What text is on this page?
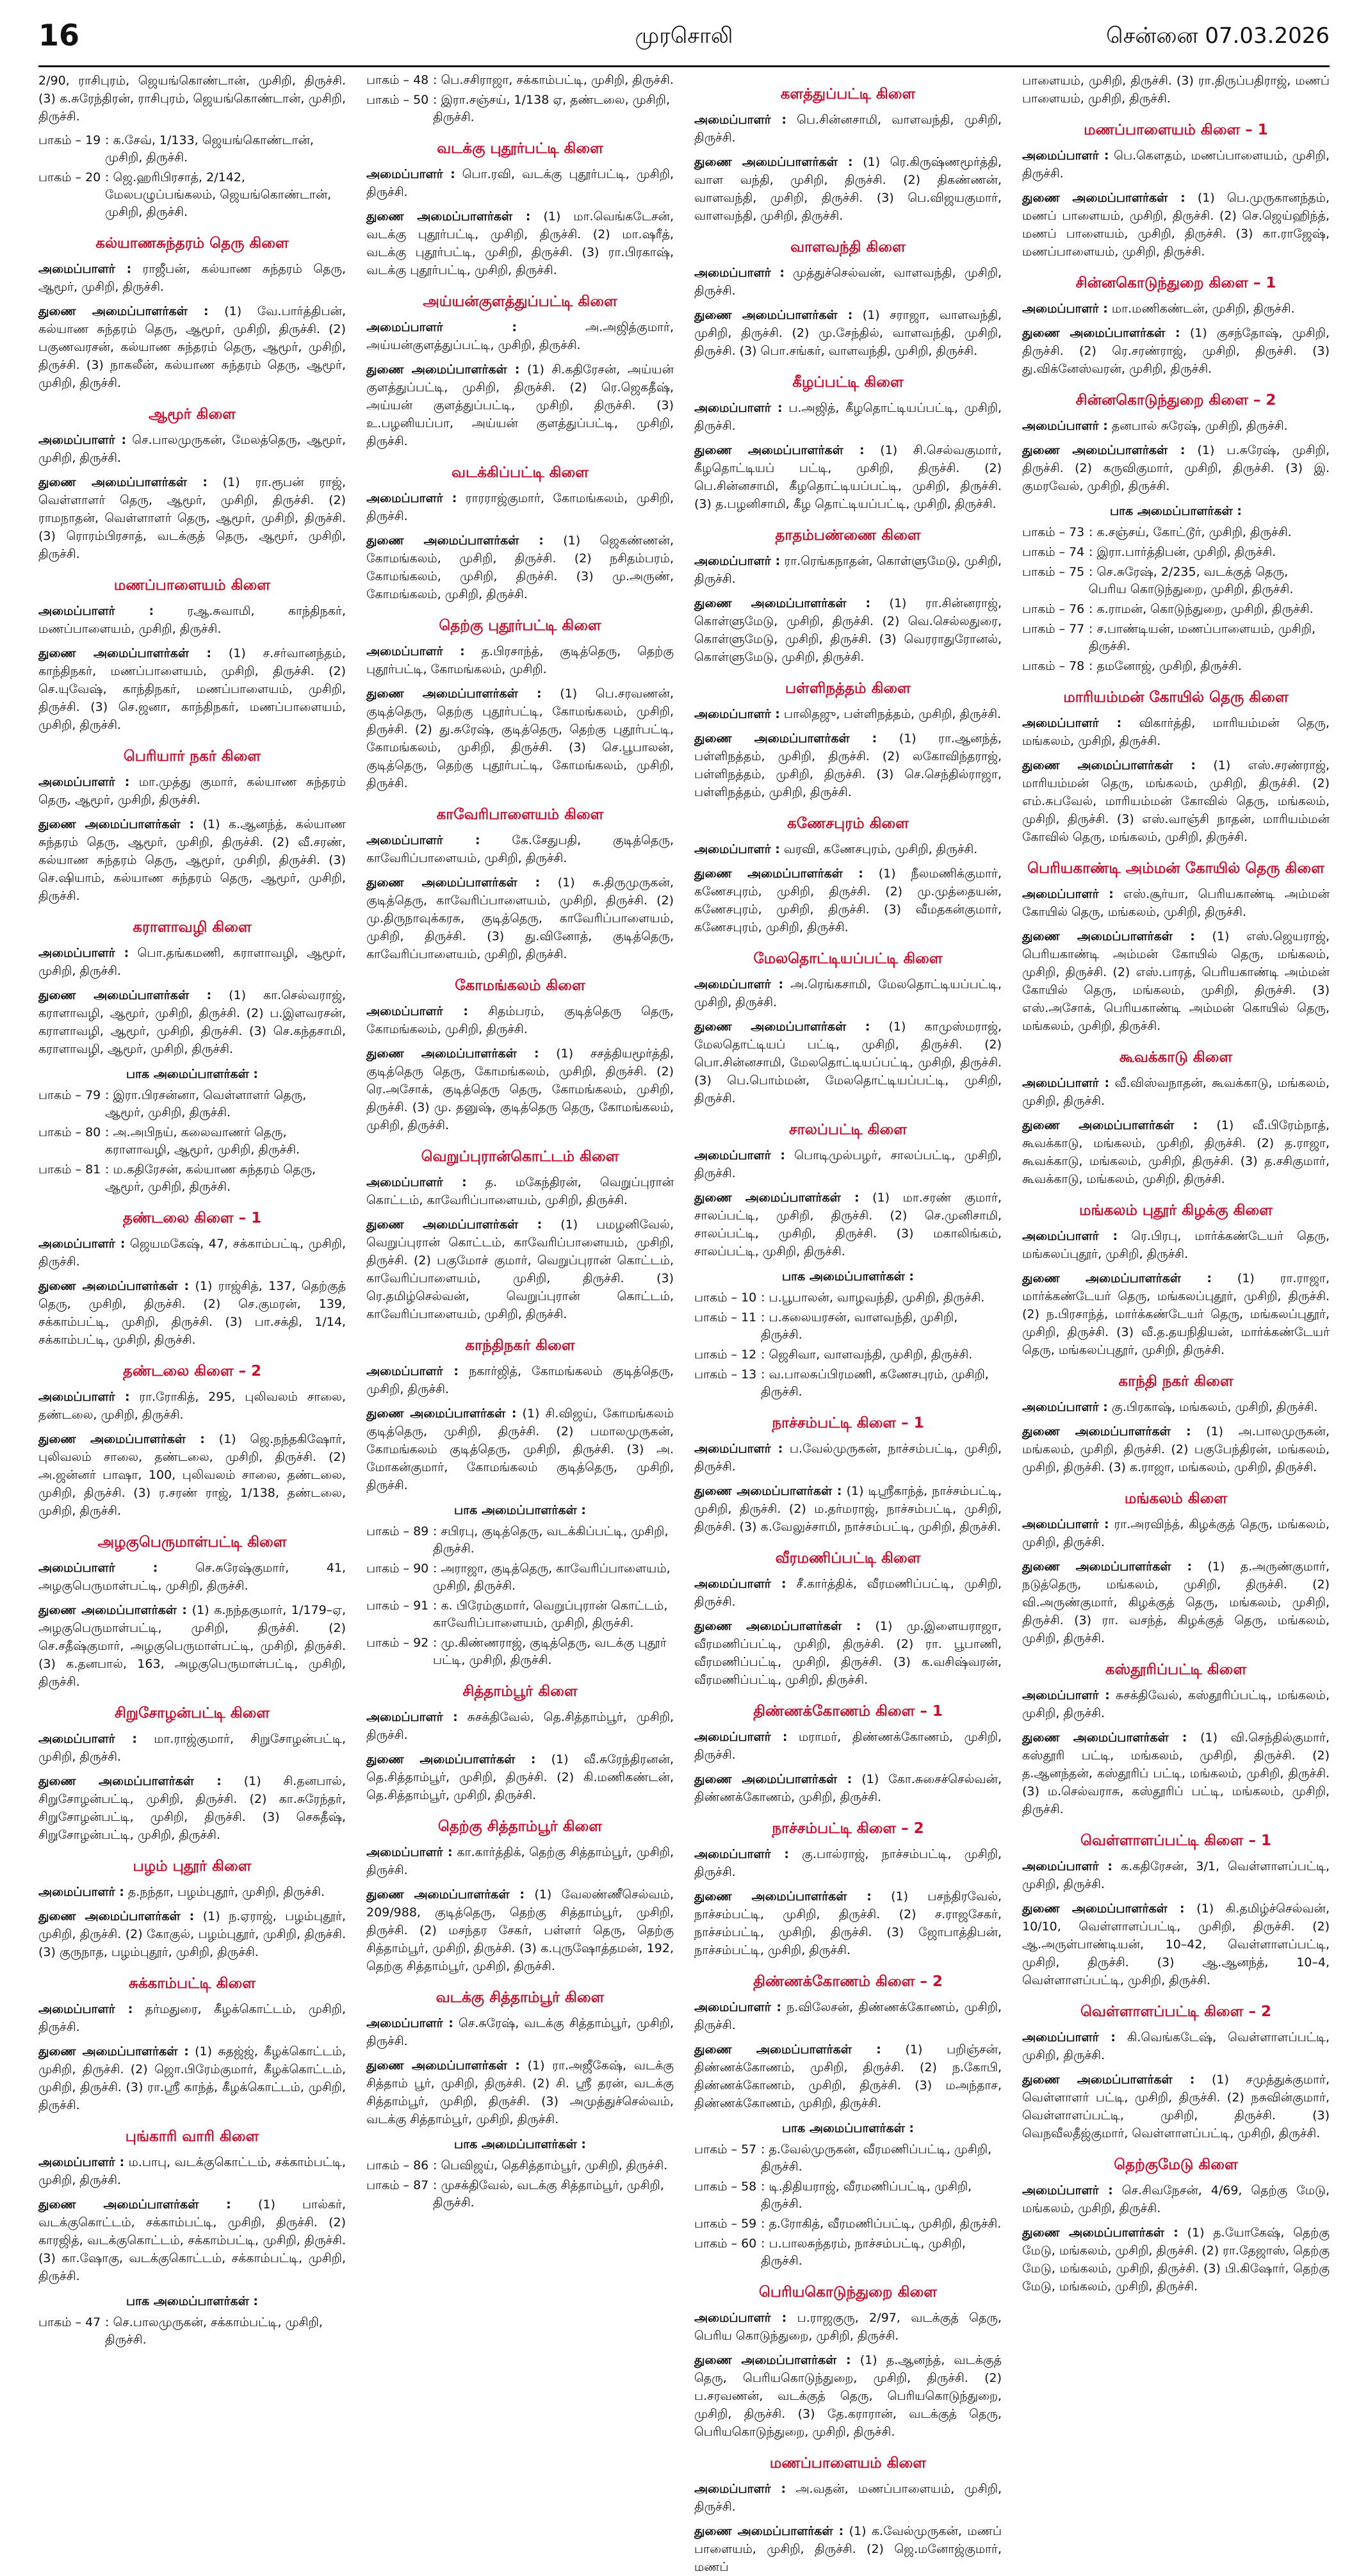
16	முரசொலி	சென்னை 07.03.2026

2/90, ராசிபுரம், ஜெயங்கொண்டான், முசிறி, திருச்சி. (3) க.சுரேந்திரன், ராசிபுரம், ஜெயங்கொண்டான், முசிறி, திருச்சி.

பாகம் – 19 : க.சேவ், 1/133, ஜெயங்கொண்டான், முசிறி, திருச்சி.
பாகம் – 20 : ஜெ.ஹரிபிரசாத், 2/142, மேலபழுப்பங்கலம், ஜெயங்கொண்டான், முசிறி, திருச்சி.
கல்யாணசுந்தரம் தெரு கிளை

அமைப்பாளர் : ராஜீபன், கல்யாண சுந்தரம் தெரு, ஆமூர், முசிறி, திருச்சி.

துணை அமைப்பாளர்கள் : (1) வே.பார்த்திபன், கல்யாண சுந்தரம் தெரு, ஆமூர், முசிறி, திருச்சி. (2) பகுணவரசன், கல்யாண சுந்தரம் தெரு, ஆமூர், முசிறி, திருச்சி. (3) நாகலீன், கல்யாண சுந்தரம் தெரு, ஆமூர், முசிறி, திருச்சி.

ஆமூர் கிளை

அமைப்பாளர் : செ.பாலமுருகன், மேலத்தெரு, ஆமூர், முசிறி, திருச்சி.

துணை அமைப்பாளர்கள் : (1) ரா.ரூபன் ராஜ், வெள்ளாளர் தெரு, ஆமூர், முசிறி, திருச்சி. (2) ராமநாதன், வெள்ளாளர் தெரு, ஆமூர், முசிறி, திருச்சி. (3) ரொரம்பிரசாத், வடக்குத் தெரு, ஆமூர், முசிறி, திருச்சி.

மணப்பாளையம் கிளை

அமைப்பாளர் :	ரஆ.சுவாமி, காந்திநகர், மணப்பாளையம், முசிறி, திருச்சி.

துணை அமைப்பாளர்கள் : (1) ச.சர்வானந்தம், காந்திநகர், மணப்பாளையம், முசிறி, திருச்சி. (2) செ.யுவேஷ், காந்திநகர், மணப்பாளையம், முசிறி, திருச்சி. (3) செ.ஜனா, காந்திநகர், மணப்பாளையம், முசிறி, திருச்சி.

பெரியார் நகர் கிளை

அமைப்பாளர் : மா.முத்து குமார், கல்யாண சுந்தரம் தெரு, ஆமூர், முசிறி, திருச்சி.

துணை அமைப்பாளர்கள் : (1) க.ஆனந்த், கல்யாண சுந்தரம் தெரு, ஆமூர், முசிறி, திருச்சி. (2) வீ.சரண், கல்யாண சுந்தரம் தெரு, ஆமூர், முசிறி, திருச்சி. (3) செ.ஷியாம், கல்யாண சுந்தரம் தெரு, ஆமூர், முசிறி, திருச்சி.

கராளாவழி கிளை

அமைப்பாளர் : பொ.தங்கமணி, கராளாவழி, ஆமூர், முசிறி, திருச்சி.

துணை அமைப்பாளர்கள் : (1) கா.செல்வராஜ், கராளாவழி, ஆமூர், முசிறி, திருச்சி. (2) ப.இளவரசன், கராளாவழி, ஆமூர், முசிறி, திருச்சி. (3) செ.கந்தசாமி, கராளாவழி, ஆமூர், முசிறி, திருச்சி.

பாக அமைப்பாளர்கள் :
பாகம் – 79 : இரா.பிரசன்னா, வெள்ளாளர் தெரு, ஆமூர், முசிறி, திருச்சி.
பாகம் – 80 : அ.அபிநய், கலைவாணர் தெரு, கராளாவழி, ஆமூர், முசிறி, திருச்சி.
பாகம் – 81 : ம.கதிரேசன், கல்யாண சுந்தரம் தெரு, ஆமூர், முசிறி, திருச்சி.
தண்டலை கிளை – 1

அமைப்பாளர் : ஜெயமகேஷ், 47, சக்காம்பட்டி, முசிறி, திருச்சி.

துணை அமைப்பாளர்கள் : (1) ராஜ்சித், 137, தெற்குத் தெரு, முசிறி, திருச்சி. (2) செ.குமரன், 139, சக்காம்பட்டி, முசிறி, திருச்சி. (3) பா.சக்தி, 1/14, சக்காம்பட்டி, முசிறி, திருச்சி.

தண்டலை கிளை – 2

அமைப்பாளர் : ரா.ரோகித், 295, புலிவலம் சாலை, தண்டலை, முசிறி, திருச்சி.

துணை அமைப்பாளர்கள் : (1) ஜெ.நந்தகிஷோர், புலிவலம் சாலை, தண்டலை, முசிறி, திருச்சி. (2) அ.ஜன்னர் பாஷா, 100, புலிவலம் சாலை, தண்டலை, முசிறி, திருச்சி. (3) ர.சரண் ராஜ், 1/138, தண்டலை, முசிறி, திருச்சி.

அழகுபெருமாள்பட்டி கிளை

அமைப்பாளர் :	செ.சுரேஷ்குமார், 41, அழகுபெருமாள்பட்டி, முசிறி, திருச்சி.

துணை அமைப்பாளர்கள் : (1) க.நந்தகுமார், 1/179–ஏ, அழகுபெருமாள்பட்டி, முசிறி, திருச்சி. (2) செ.சதீஷ்குமார், அழகுபெருமாள்பட்டி, முசிறி, திருச்சி. (3) க.தனபால், 163, அழகுபெருமாள்பட்டி, முசிறி, திருச்சி.

சிறுசோழன்பட்டி கிளை

அமைப்பாளர் : மா.ராஜ்குமார், சிறுசோழன்பட்டி, முசிறி, திருச்சி.

துணை அமைப்பாளர்கள் : (1) சி.தனபால், சிறுசோழன்பட்டி, முசிறி, திருச்சி. (2) கா.சுரேந்தர், சிறுசோழன்பட்டி, முசிறி, திருச்சி. (3) செசுதீஷ், சிறுசோழன்பட்டி, முசிறி, திருச்சி.

பழம் புதூர் கிளை

அமைப்பாளர் : த.நந்தா, பழம்புதூர், முசிறி, திருச்சி.

துணை அமைப்பாளர்கள் : (1) ந.ஏராஜ், பழம்புதூர், முசிறி, திருச்சி. (2) கோகுல், பழம்புதூர், முசிறி, திருச்சி. (3) குருநாத, பழம்புதூர், முசிறி, திருச்சி.

சுக்காம்பட்டி கிளை

அமைப்பாளர் : தர்மதுரை, கீழக்கொட்டம், முசிறி, திருச்சி.

துணை அமைப்பாளர்கள் : (1) சுதஜ்ஜ், கீழக்கொட்டம், முசிறி, திருச்சி. (2) ஜொ.பிரேம்குமார், கீழக்கொட்டம், முசிறி, திருச்சி. (3) ரா.ஸ்ரீ காந்த், கீழக்கொட்டம், முசிறி, திருச்சி.

புங்காரி வாரி கிளை

அமைப்பாளர் : ம.பாபு, வடக்குகொட்டம், சக்காம்பட்டி, முசிறி, திருச்சி.

துணை அமைப்பாளர்கள் : (1) பால்கர், வடக்குகொட்டம், சக்காம்பட்டி, முசிறி, திருச்சி. (2) காரஜித், வடக்குகொட்டம், சக்காம்பட்டி, முசிறி, திருச்சி. (3) கா.ஷோகு, வடக்குகொட்டம், சக்காம்பட்டி, முசிறி, திருச்சி.

பாக அமைப்பாளர்கள் :
பாகம் – 47 : செ.பாலமுருகன், சக்காம்பட்டி, முசிறி, திருச்சி.
பாகம் – 48 : பெ.சசிராஜா, சக்காம்பட்டி, முசிறி, திருச்சி.
பாகம் – 50 : இரா.சஞ்சய், 1/138 ஏ, தண்டலை, முசிறி, திருச்சி.
வடக்கு புதூர்பட்டி கிளை

அமைப்பாளர் : பொ.ரவி, வடக்கு புதூர்பட்டி, முசிறி, திருச்சி.

துணை அமைப்பாளர்கள் : (1) மா.வெங்கடேசன், வடக்கு புதூர்பட்டி, முசிறி, திருச்சி. (2) மா.ஷரீத், வடக்கு புதூர்பட்டி, முசிறி, திருச்சி. (3) ரா.பிரகாஷ், வடக்கு புதூர்பட்டி, முசிறி, திருச்சி.

அய்யன்குளத்துப்பட்டி கிளை

அமைப்பாளர் :	அ.அஜித்குமார், அய்யன்குளத்துப்பட்டி, முசிறி, திருச்சி.

துணை அமைப்பாளர்கள் : (1) சி.கதிரேசன், அய்யன் குளத்துப்பட்டி, முசிறி, திருச்சி. (2) ரெ.ஜெகதீஷ், அய்யன் குளத்துப்பட்டி, முசிறி, திருச்சி. (3) உ.பழனியப்பா, அய்யன் குளத்துப்பட்டி, முசிறி, திருச்சி.

வடக்கிப்பட்டி கிளை

அமைப்பாளர் : ராரராஜ்குமார், கோமங்கலம், முசிறி, திருச்சி.

துணை அமைப்பாளர்கள் : (1) ஜெகண்ணன், கோமங்கலம், முசிறி, திருச்சி. (2) நசிதம்பரம், கோமங்கலம், முசிறி, திருச்சி. (3) மு.அருண், கோமங்கலம், முசிறி, திருச்சி.

தெற்கு புதூர்பட்டி கிளை

அமைப்பாளர் : த.பிரசாந்த், குடித்தெரு, தெற்கு புதூர்பட்டி, கோமங்கலம், முசிறி.

துணை அமைப்பாளர்கள் : (1) பெ.சரவணன், குடித்தெரு, தெற்கு புதூர்பட்டி, கோமங்கலம், முசிறி, திருச்சி. (2) து.சுரேஷ், குடித்தெரு, தெற்கு புதூர்பட்டி, கோமங்கலம், முசிறி, திருச்சி. (3) செ.பூபாலன், குடித்தெரு, தெற்கு புதூர்பட்டி, கோமங்கலம், முசிறி, திருச்சி.

காவேரிபாளையம் கிளை

அமைப்பாளர் :	கே.சேதுபதி, குடித்தெரு, காவேரிப்பாளையம், முசிறி, திருச்சி.

துணை அமைப்பாளர்கள் : (1) சு.திருமுருகன், குடித்தெரு, காவேரிப்பாளையம், முசிறி, திருச்சி. (2) மு.திருநாவுக்கரசு, குடித்தெரு, காவேரிப்பாளையம், முசிறி, திருச்சி. (3) து.வினோத், குடித்தெரு, காவேரிப்பாளையம், முசிறி, திருச்சி.

கோமங்கலம் கிளை

அமைப்பாளர் : சிதம்பரம், குடித்தெரு தெரு, கோமங்கலம், முசிறி, திருச்சி.

துணை அமைப்பாளர்கள் : (1) சசத்தியமூர்த்தி, குடித்தெரு தெரு, கோமங்கலம், முசிறி, திருச்சி. (2) ரெ.அசோக், குடித்தெரு தெரு, கோமங்கலம், முசிறி, திருச்சி. (3) மு. தனுஷ், குடித்தெரு தெரு, கோமங்கலம், முசிறி, திருச்சி.

வெறுப்புரான்கொட்டம் கிளை

அமைப்பாளர் : த. மகேந்திரன், வெறுப்புரான் கொட்டம், காவேரிப்பாளையம், முசிறி, திருச்சி.

துணை அமைப்பாளர்கள் : (1) பமழனிவேல், வெறுப்புரான் கொட்டம், காவேரிப்பாளையம், முசிறி, திருச்சி. (2) பகுமோச் குமார், வெறுப்புரான் கொட்டம், காவேரிப்பாளையம், முசிறி, திருச்சி. (3) ரெ.தமிழ்செல்வன், வெறுப்புரான் கொட்டம், காவேரிப்பாளையம், முசிறி, திருச்சி.

காந்திநகர் கிளை

அமைப்பாளர் : நகார்ஜித், கோமங்கலம் குடித்தெரு, முசிறி, திருச்சி.

துணை அமைப்பாளர்கள் : (1) சி.விஜய், கோமங்கலம் குடித்தெரு, முசிறி, திருச்சி. (2) பமாலமுருகன், கோமங்கலம் குடித்தெரு, முசிறி, திருச்சி. (3) அ. மோகன்குமார், கோமங்கலம் குடித்தெரு, முசிறி, திருச்சி.

பாக அமைப்பாளர்கள் :
பாகம் – 89 : சபிரபு, குடித்தெரு, வடக்கிப்பட்டி, முசிறி, திருச்சி.
பாகம் – 90 : அராஜா, குடித்தெரு, காவேரிப்பாளையம், முசிறி, திருச்சி.
பாகம் – 91 : க. பிரேம்குமார், வெறுப்புரான் கொட்டம், காவேரிப்பாளையம், முசிறி, திருச்சி.
பாகம் – 92 : மு.கிண்ணராஜ், குடித்தெரு, வடக்கு புதூர் பட்டி, முசிறி, திருச்சி.
சித்தாம்பூர் கிளை

அமைப்பாளர் : சுசக்திவேல், தெ.சித்தாம்பூர், முசிறி, திருச்சி.

துணை அமைப்பாளர்கள் : (1) வீ.சுரேந்திரனன், தெ.சித்தாம்பூர், முசிறி, திருச்சி. (2) கி.மணிகண்டன், தெ.சித்தாம்பூர், முசிறி, திருச்சி.

தெற்கு சித்தாம்பூர் கிளை

அமைப்பாளர் : கா.கார்த்திக், தெற்கு சித்தாம்பூர், முசிறி, திருச்சி.

துணை அமைப்பாளர்கள் : (1) வேலண்ணீசெல்வம், 209/988, குடித்தெரு, தெற்கு சித்தாம்பூர், முசிறி, திருச்சி. (2) மசந்தர சேகர், பள்ளர் தெரு, தெற்கு சித்தாம்பூர், முசிறி, திருச்சி. (3) க.புருஷோத்தமன், 192, தெற்கு சித்தாம்பூர், முசிறி, திருச்சி.

வடக்கு சித்தாம்பூர் கிளை

அமைப்பாளர் : செ.சுரேஷ், வடக்கு சித்தாம்பூர், முசிறி, திருச்சி.

துணை அமைப்பாளர்கள் : (1) ரா.அஜீகேஷ், வடக்கு சித்தாம் பூர், முசிறி, திருச்சி. (2) சி. ஸ்ரீ தரன், வடக்கு சித்தாம்பூர், முசிறி, திருச்சி. (3) அமுத்துச்செல்வம், வடக்கு சித்தாம்பூர், முசிறி, திருச்சி.

பாக அமைப்பாளர்கள் :
பாகம் – 86 : பெவிஜய், தெசித்தாம்பூர், முசிறி, திருச்சி.
பாகம் – 87 : முசக்திவேல், வடக்கு சித்தாம்பூர், முசிறி, திருச்சி.
களத்துப்பட்டி கிளை

அமைப்பாளர் : பெ.சின்னசாமி, வாளவந்தி, முசிறி, திருச்சி.

துணை அமைப்பாளர்கள் : (1) ரெ.கிருஷ்ணமூர்த்தி, வாள வந்தி, முசிறி, திருச்சி. (2) திகண்ணன், வாளவந்தி, முசிறி, திருச்சி. (3) பெ.விஜயகுமார், வாளவந்தி, முசிறி, திருச்சி.

வாளவந்தி கிளை

அமைப்பாளர் : முத்துச்செல்வன், வாளவந்தி, முசிறி, திருச்சி.

துணை அமைப்பாளர்கள் : (1) சராஜா, வாளவந்தி, முசிறி, திருச்சி. (2) மு.சேந்தில், வாளவந்தி, முசிறி, திருச்சி. (3) பொ.சங்கர், வாளவந்தி, முசிறி, திருச்சி.

கீழப்பட்டி கிளை

அமைப்பாளர் : ப.அஜித், கீழதொட்டியப்பட்டி, முசிறி, திருச்சி.

துணை அமைப்பாளர்கள் : (1) சி.செல்வகுமார், கீழதொட்டியப் பட்டி, முசிறி, திருச்சி. (2) பெ.சின்னசாமி, கீழதொட்டியப்பட்டி, முசிறி, திருச்சி. (3) த.பழனிசாமி, கீழ தொட்டியப்பட்டி, முசிறி, திருச்சி.

தாதம்பண்ணை கிளை

அமைப்பாளர் : ரா.ரெங்கநாதன், கொள்ளுமேடு, முசிறி, திருச்சி.

துணை அமைப்பாளர்கள் : (1) ரா.சின்னராஜ், கொள்ளுமேடு, முசிறி, திருச்சி. (2) வெ.செல்லதுரை, கொள்ளுமேடு, முசிறி, திருச்சி. (3) வெரராதுரோனல், கொள்ளுமேடு, முசிறி, திருச்சி.

பள்ளிநத்தம் கிளை

அமைப்பாளர் : பாலிதஜு, பள்ளிநத்தம், முசிறி, திருச்சி.

துணை அமைப்பாளர்கள் : (1) ரா.ஆனந்த், பள்ளிநத்தம், முசிறி, திருச்சி. (2) லகோவிந்தராஜ், பள்ளிநத்தம், முசிறி, திருச்சி. (3) செ.செந்தில்ராஜா, பள்ளிநத்தம், முசிறி, திருச்சி.

கணேசபுரம் கிளை

அமைப்பாளர் : வரவி, கணேசபுரம், முசிறி, திருச்சி.

துணை அமைப்பாளர்கள் : (1) நீலமணிக்குமார், கணேசபுரம், முசிறி, திருச்சி. (2) மு.முத்தையன், கணேசபுரம், முசிறி, திருச்சி. (3) வீமதகன்குமார், கணேசபுரம், முசிறி, திருச்சி.

மேலதொட்டியப்பட்டி கிளை

அமைப்பாளர் : அ.ரெங்கசாமி, மேலதொட்டியப்பட்டி, முசிறி, திருச்சி.

துணை அமைப்பாளர்கள் : (1) காமுஸ்மராஜ், மேலதொட்டியப் பட்டி, முசிறி, திருச்சி. (2) பொ.சின்னசாமி, மேலதொட்டியப்பட்டி, முசிறி, திருச்சி. (3) பெ.பொம்மன், மேலதொட்டியப்பட்டி, முசிறி, திருச்சி.

சாலப்பட்டி கிளை

அமைப்பாளர் : பொடிமுல்பழர், சாலப்பட்டி, முசிறி, திருச்சி.

துணை அமைப்பாளர்கள் : (1) மா.சரண் குமார், சாலப்பட்டி, முசிறி, திருச்சி. (2) செ.முனிசாமி, சாலப்பட்டி, முசிறி, திருச்சி. (3) மகாலிங்கம், சாலப்பட்டி, முசிறி, திருச்சி.

பாக அமைப்பாளர்கள் :
பாகம் – 10 : ப.பூபாலன், வாழவந்தி, முசிறி, திருச்சி.
பாகம் – 11 : ப.கலையரசன், வாளவந்தி, முசிறி, திருச்சி.
பாகம் – 12 : ஜெசிவா, வாளவந்தி, முசிறி, திருச்சி.
பாகம் – 13 : வ.பாலசுப்பிரமணி, கணேசபுரம், முசிறி, திருச்சி.
நாச்சம்பட்டி கிளை – 1

அமைப்பாளர் : ப.வேல்முருகன், நாச்சம்பட்டி, முசிறி, திருச்சி.

துணை அமைப்பாளர்கள் : (1) டிஸ்ரீகாந்த், நாச்சம்பட்டி, முசிறி, திருச்சி. (2) ம.தர்மராஜ், நாச்சம்பட்டி, முசிறி, திருச்சி. (3) க.வேலுச்சாமி, நாச்சம்பட்டி, முசிறி, திருச்சி.

வீரமணிப்பட்டி கிளை

அமைப்பாளர் : சீ.கார்த்திக், வீரமணிப்பட்டி, முசிறி, திருச்சி.

துணை அமைப்பாளர்கள் : (1) மு.இளையராஜா, வீரமணிப்பட்டி, முசிறி, திருச்சி. (2) ரா. பூபாணி, வீரமணிப்பட்டி, முசிறி, திருச்சி. (3) க.வசிஷ்வரன், வீரமணிப்பட்டி, முசிறி, திருச்சி.

திண்ணக்கோணம் கிளை – 1

அமைப்பாளர் : மராமர், திண்ணக்கோணம், முசிறி, திருச்சி.

துணை அமைப்பாளர்கள் : (1) கோ.சுசைச்செல்வன், திண்ணக்கோணம், முசிறி, திருச்சி.

நாச்சம்பட்டி கிளை – 2

அமைப்பாளர் : கு.பால்ராஜ், நாச்சம்பட்டி, முசிறி, திருச்சி.

துணை அமைப்பாளர்கள் : (1) பசந்திரவேல், நாச்சம்பட்டி, முசிறி, திருச்சி. (2) ச.ராஜசேகர், நாச்சம்பட்டி, முசிறி, திருச்சி. (3) ஜோபாத்திபன், நாச்சம்பட்டி, முசிறி, திருச்சி.

திண்ணக்கோணம் கிளை – 2

அமைப்பாளர் : ந.விலேசன், திண்ணக்கோணம், முசிறி, திருச்சி.

துணை அமைப்பாளர்கள் : (1) பறிஞ்சன், திண்ணக்கோணம், முசிறி, திருச்சி. (2) ந.கோபி, திண்ணக்கோணம், முசிறி, திருச்சி. (3) மஅந்தாச, திண்ணக்கோணம், முசிறி, திருச்சி.

பாக அமைப்பாளர்கள் :
பாகம் – 57 : த.வேல்முருகன், வீரமணிப்பட்டி, முசிறி, திருச்சி.
பாகம் – 58 : டி.திதியராஜ், வீரமணிப்பட்டி, முசிறி, திருச்சி.
பாகம் – 59 : த.ரோகித், வீரமணிப்பட்டி, முசிறி, திருச்சி.
பாகம் – 60 : ப.பாலசுந்தரம், நாச்சம்பட்டி, முசிறி, திருச்சி.
பெரியகொடுந்துறை கிளை

அமைப்பாளர் : ப.ராஜகுரு, 2/97, வடக்குத் தெரு, பெரிய கொடுந்துறை, முசிறி, திருச்சி.

துணை அமைப்பாளர்கள் : (1) த.ஆனந்த், வடக்குத் தெரு, பெரியகொடுந்துறை, முசிறி, திருச்சி. (2) ப.சரவணன், வடக்குத் தெரு, பெரியகொடுந்துறை, முசிறி, திருச்சி. (3) தே.கராரான், வடக்குத் தெரு, பெரியகொடுந்துறை, முசிறி, திருச்சி.

மணப்பாளையம் கிளை

அமைப்பாளர் : அ.வதன், மணப்பாளையம், முசிறி, திருச்சி.

துணை அமைப்பாளர்கள் : (1) க.வேல்முருகன், மணப் பாளையம், முசிறி, திருச்சி. (2) ஜெ.மனோஜ்குமார், மணப்

பாளையம், முசிறி, திருச்சி. (3) ரா.திருப்பதிராஜ், மணப் பாளையம், முசிறி, திருச்சி.

மணப்பாளையம் கிளை – 1

அமைப்பாளர் : பெ.கெளதம், மணப்பாளையம், முசிறி, திருச்சி.

துணை அமைப்பாளர்கள் : (1) பெ.முருகானந்தம், மணப் பாளையம், முசிறி, திருச்சி. (2) செ.ஜெய்ஹிந்த், மணப் பாளையம், முசிறி, திருச்சி. (3) கா.ராஜேஷ், மணப்பாளையம், முசிறி, திருச்சி.

சின்னகொடுந்துறை கிளை – 1

அமைப்பாளர் : மா.மணிகண்டன், முசிறி, திருச்சி.

துணை அமைப்பாளர்கள் : (1) குசந்தோஷ், முசிறி, திருச்சி. (2) ரெ.சரண்ராஜ், முசிறி, திருச்சி. (3) து.விக்னேஸ்வரன், முசிறி, திருச்சி.

சின்னகொடுந்துறை கிளை – 2

அமைப்பாளர் : தனபால் சுரேஷ், முசிறி, திருச்சி.

துணை அமைப்பாளர்கள் : (1) ப.சுரேஷ், முசிறி, திருச்சி. (2) கருவிகுமார், முசிறி, திருச்சி. (3) இ. குமரவேல், முசிறி, திருச்சி.

பாக அமைப்பாளர்கள் :
பாகம் – 73 : க.சஞ்சய், கோட்டூர், முசிறி, திருச்சி.
பாகம் – 74 : இரா.பார்த்திபன், முசிறி, திருச்சி.
பாகம் – 75 : செ.சுரேஷ், 2/235, வடக்குத் தெரு, பெரிய கொடுந்துறை, முசிறி, திருச்சி.
பாகம் – 76 : க.ராமன், கொடுந்துறை, முசிறி, திருச்சி.
பாகம் – 77 : ச.பாண்டியன், மணப்பாளையம், முசிறி, திருச்சி.
பாகம் – 78 : தமனோஜ், முசிறி, திருச்சி.
மாரியம்மன் கோயில் தெரு கிளை

அமைப்பாளர் : விகார்த்தி, மாரியம்மன் தெரு, மங்கலம், முசிறி, திருச்சி.

துணை அமைப்பாளர்கள் : (1) எஸ்.சரண்ராஜ், மாரியம்மன் தெரு, மங்கலம், முசிறி, திருச்சி. (2) எம்.சுபவேல், மாரியம்மன் கோவில் தெரு, மங்கலம், முசிறி, திருச்சி. (3) எஸ்.வாஞ்சி நாதன், மாரியம்மன் கோவில் தெரு, மங்கலம், முசிறி, திருச்சி.

பெரியகாண்டி அம்மன் கோயில் தெரு கிளை

அமைப்பாளர் : எஸ்.சூர்யா, பெரியகாண்டி அம்மன் கோயில் தெரு, மங்கலம், முசிறி, திருச்சி.

துணை அமைப்பாளர்கள் : (1) எஸ்.ஜெயராஜ், பெரியகாண்டி அம்மன் கோயில் தெரு, மங்கலம், முசிறி, திருச்சி. (2) எஸ்.பாரத், பெரியகாண்டி அம்மன் கோயில் தெரு, மங்கலம், முசிறி, திருச்சி. (3) எஸ்.அசோக், பெரியகாண்டி அம்மன் கொயில் தெரு, மங்கலம், முசிறி, திருச்சி.

கூவக்காடு கிளை

அமைப்பாளர் : வீ.விஸ்வநாதன், கூவக்காடு, மங்கலம், முசிறி, திருச்சி.

துணை அமைப்பாளர்கள் : (1) வீ.பிரேம்நாத், கூவக்காடு, மங்கலம், முசிறி, திருச்சி. (2) த.ராஜா, கூவக்காடு, மங்கலம், முசிறி, திருச்சி. (3) த.சசிகுமார், கூவக்காடு, மங்கலம், முசிறி, திருச்சி.

மங்கலம் புதூர் கிழக்கு கிளை

அமைப்பாளர் : ரெ.பிரபு, மார்க்கண்டேயர் தெரு, மங்கலப்புதூர், முசிறி, திருச்சி.

துணை அமைப்பாளர்கள் : (1) ரா.ராஜா, மார்க்கண்டேயர் தெரு, மங்கலப்புதூர், முசிறி, திருச்சி. (2) ந.பிரசாந்த், மார்க்கண்டேயர் தெரு, மங்கலப்புதூர், முசிறி, திருச்சி. (3) வீ.த.தயநிதியன், மார்க்கண்டேயர் தெரு, மங்கலப்புதூர், முசிறி, திருச்சி.

காந்தி நகர் கிளை

அமைப்பாளர் : கு.பிரகாஷ், மங்கலம், முசிறி, திருச்சி.

துணை அமைப்பாளர்கள் : (1) அ.பாலமுருகன், மங்கலம், முசிறி, திருச்சி. (2) பகுபேந்திரன், மங்கலம், முசிறி, திருச்சி. (3) க.ராஜா, மங்கலம், முசிறி, திருச்சி.

மங்கலம் கிளை

அமைப்பாளர் : ரா.அரவிந்த், கிழக்குத் தெரு, மங்கலம், முசிறி, திருச்சி.

துணை அமைப்பாளர்கள் : (1) த.அருண்குமார், நடுத்தெரு, மங்கலம், முசிறி, திருச்சி. (2) வி.அருண்குமார், கிழக்குத் தெரு, மங்கலம், முசிறி, திருச்சி. (3) ரா. வசந்த், கிழக்குத் தெரு, மங்கலம், முசிறி, திருச்சி.

கஸ்தூரிப்பட்டி கிளை

அமைப்பாளர் : சுசக்திவேல், கஸ்தூரிப்பட்டி, மங்கலம், முசிறி, திருச்சி.

துணை அமைப்பாளர்கள் : (1) வி.செந்தில்குமார், கஸ்தூரி பட்டி, மங்கலம், முசிறி, திருச்சி. (2) த.ஆனந்தன், கஸ்தூரிப் பட்டி, மங்கலம், முசிறி, திருச்சி. (3) ம.செல்வராசு, கஸ்தூரிப் பட்டி, மங்கலம், முசிறி, திருச்சி.

வெள்ளாளப்பட்டி கிளை – 1

அமைப்பாளர் : க.கதிரேசன், 3/1, வெள்ளாளப்பட்டி, முசிறி, திருச்சி.

துணை அமைப்பாளர்கள் : (1) கி.தமிழ்ச்செல்வன், 10/10, வெள்ளாளப்பட்டி, முசிறி, திருச்சி. (2) ஆ.அருள்பாண்டியன், 10–42, வெள்ளாளப்பட்டி, முசிறி, திருச்சி. (3) ஆ.ஆனந்த், 10–4, வெள்ளாளப்பட்டி, முசிறி, திருச்சி.

வெள்ளாளப்பட்டி கிளை – 2

அமைப்பாளர் : கி.வெங்கடேஷ், வெள்ளாளப்பட்டி, முசிறி, திருச்சி.

துணை அமைப்பாளர்கள் : (1) சமுத்துக்குமார், வெள்ளாளர் பட்டி, முசிறி, திருச்சி. (2) நசுவின்குமார், வெள்ளாளப்பட்டி, முசிறி, திருச்சி. (3) வெநவீலதீஜ்குமார், வெள்ளாளப்பட்டி, முசிறி, திருச்சி.

தெற்குமேடு கிளை

அமைப்பாளர் : செ.சிவநேசன், 4/69, தெற்கு மேடு, மங்கலம், முசிறி, திருச்சி.

துணை அமைப்பாளர்கள் : (1) த.யோகேஷ், தெற்கு மேடு, மங்கலம், முசிறி, திருச்சி. (2) ரா.தேஜாஸ், தெற்கு மேடு, மங்கலம், முசிறி, திருச்சி. (3) பி.கிஷோர், தெற்கு மேடு, மங்கலம், முசிறி, திருச்சி.
